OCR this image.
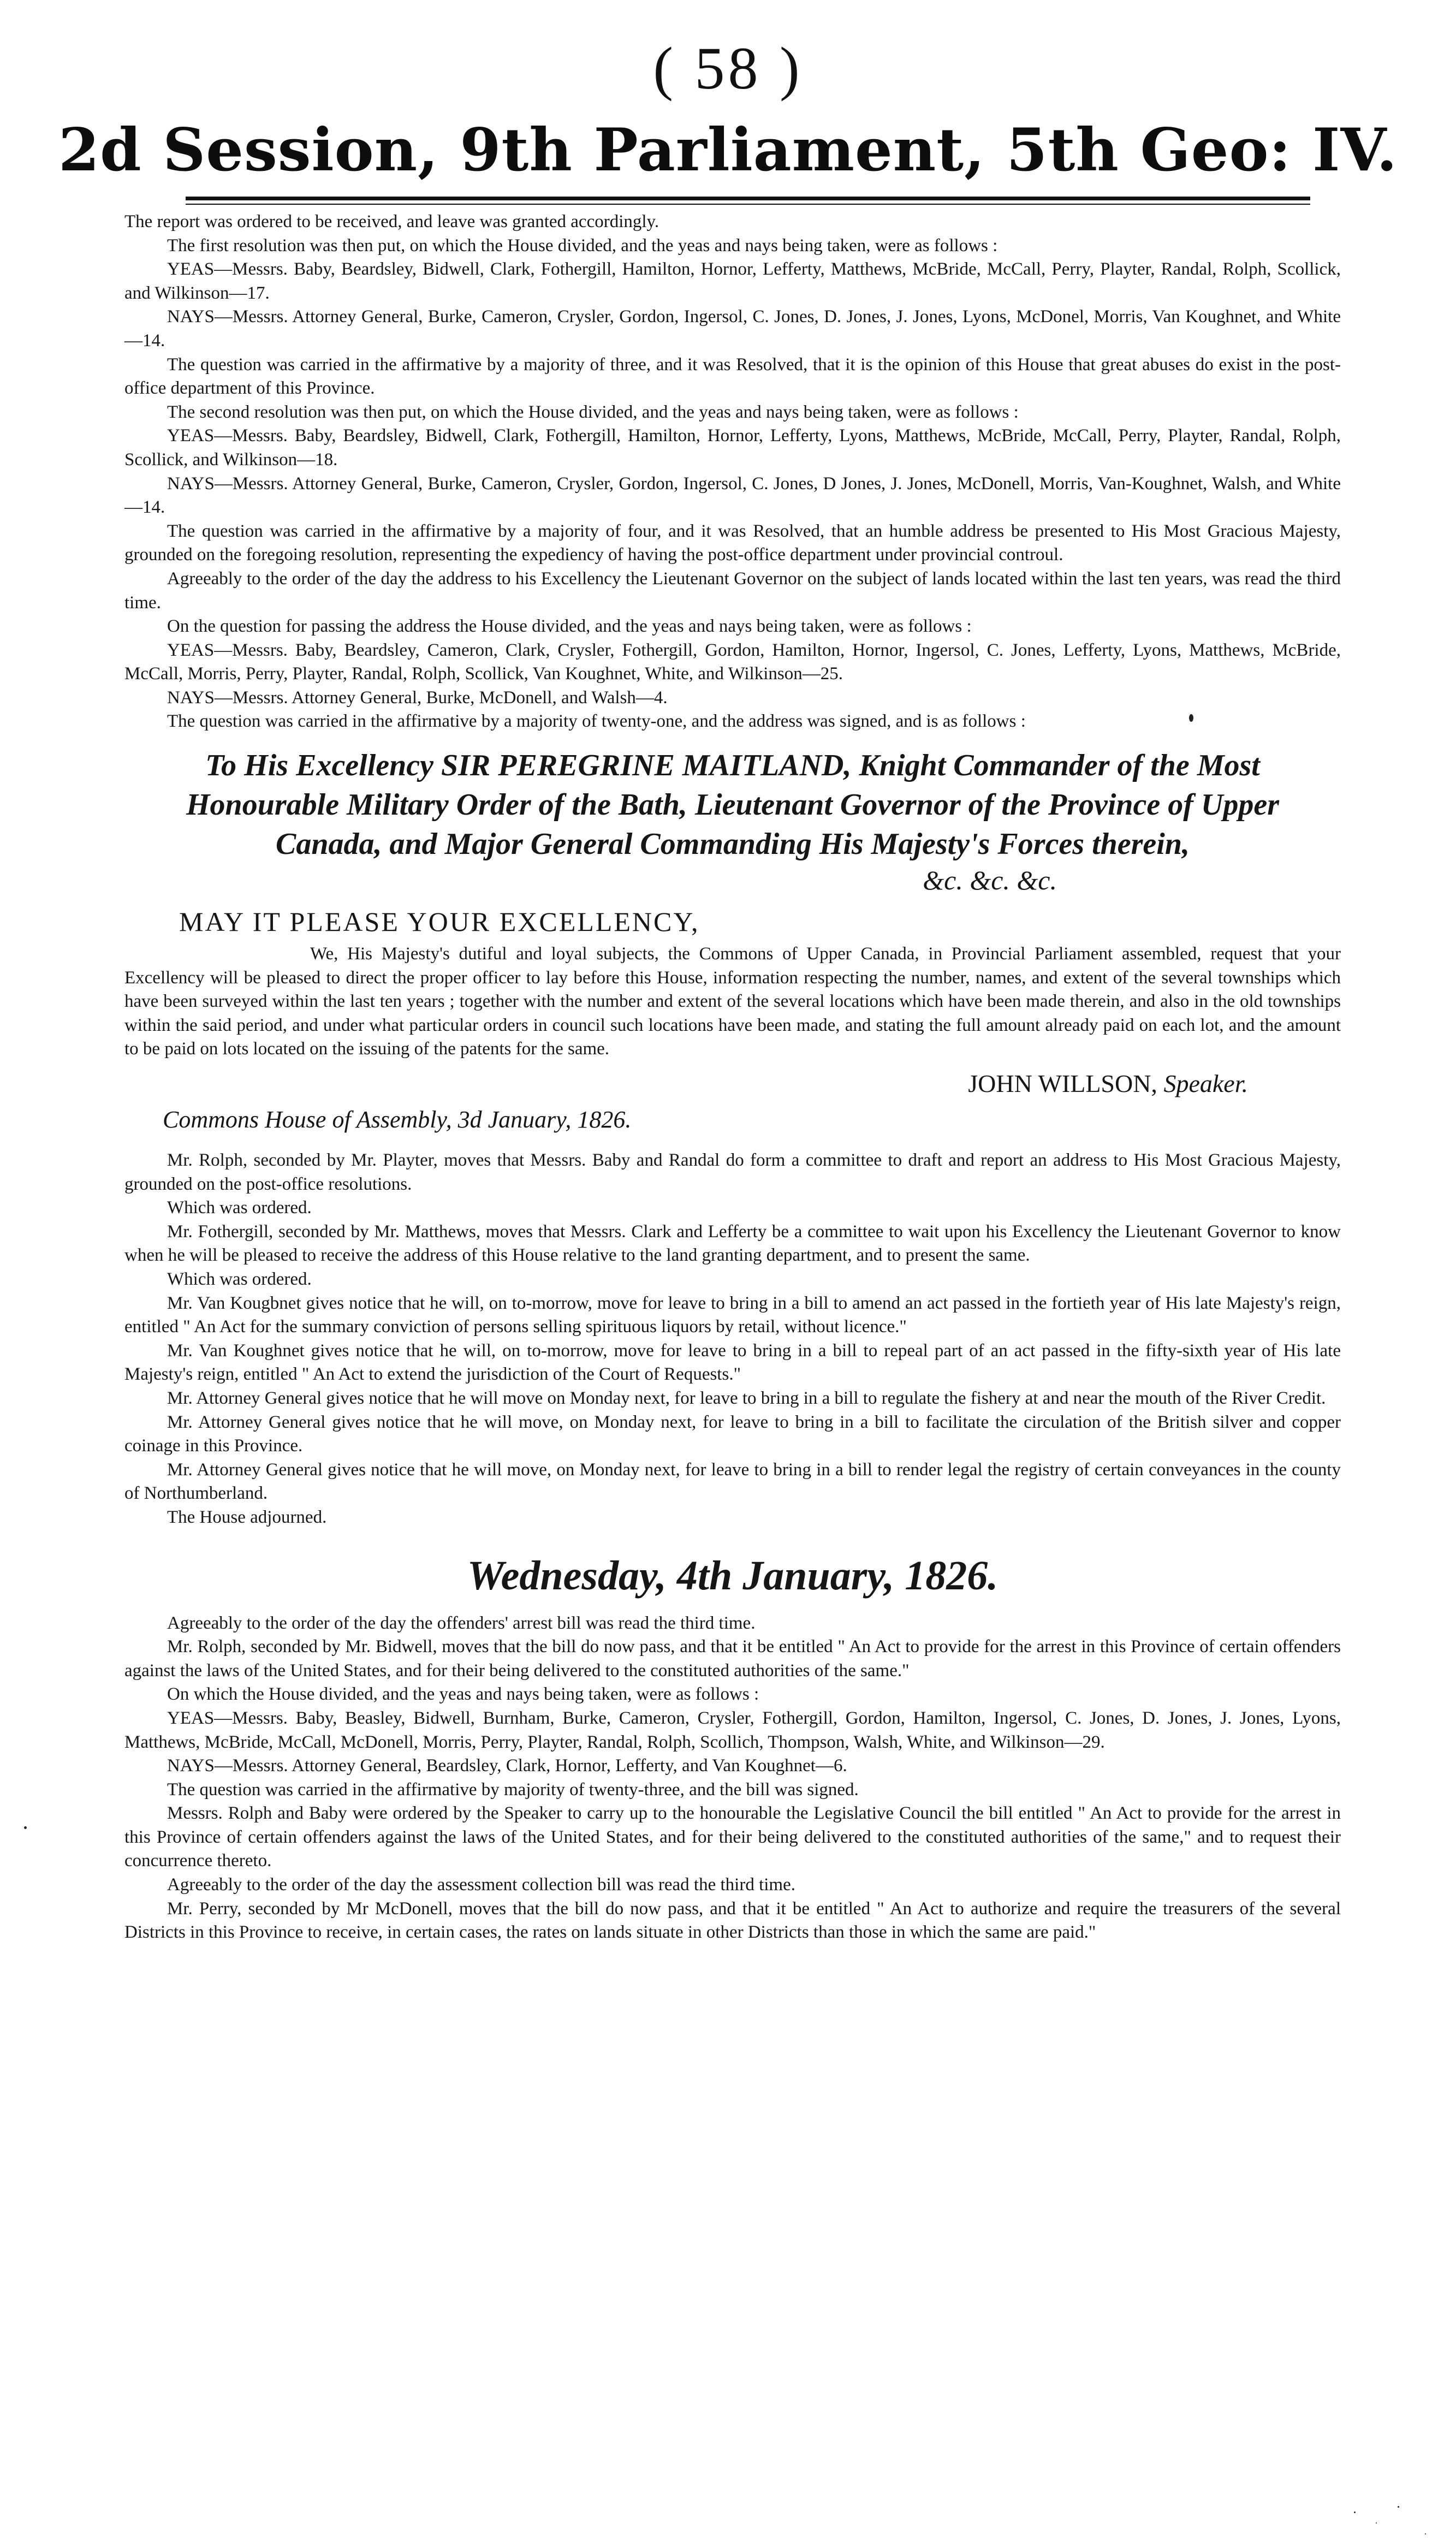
( 58 )
2d Session, 9th Parliament, 5th Geo: IV.

The report was ordered to be received, and leave was granted accordingly.

The first resolution was then put, on which the House divided, and the yeas and nays being taken, were as follows :

YEAS—Messrs. Baby, Beardsley, Bidwell, Clark, Fothergill, Hamilton, Hornor, Lefferty, Matthews, McBride, McCall, Perry, Playter, Randal, Rolph, Scollick, and Wilkinson—17.

NAYS—Messrs. Attorney General, Burke, Cameron, Crysler, Gordon, Ingersol, C. Jones, D. Jones, J. Jones, Lyons, McDonel, Morris, Van Koughnet, and White—14.

The question was carried in the affirmative by a majority of three, and it was Resolved, that it is the opinion of this House that great abuses do exist in the post-office department of this Province.

The second resolution was then put, on which the House divided, and the yeas and nays being taken, were as follows :

YEAS—Messrs. Baby, Beardsley, Bidwell, Clark, Fothergill, Hamilton, Hornor, Lefferty, Lyons, Matthews, McBride, McCall, Perry, Playter, Randal, Rolph, Scollick, and Wilkinson—18.

NAYS—Messrs. Attorney General, Burke, Cameron, Crysler, Gordon, Ingersol, C. Jones, D Jones, J. Jones, McDonell, Morris, Van-Koughnet, Walsh, and White—14.

The question was carried in the affirmative by a majority of four, and it was Resolved, that an humble address be presented to His Most Gracious Majesty, grounded on the foregoing resolution, representing the expediency of having the post-office department under provincial controul.

Agreeably to the order of the day the address to his Excellency the Lieutenant Governor on the subject of lands located within the last ten years, was read the third time.

On the question for passing the address the House divided, and the yeas and nays being taken, were as follows :

YEAS—Messrs. Baby, Beardsley, Cameron, Clark, Crysler, Fothergill, Gordon, Hamilton, Hornor, Ingersol, C. Jones, Lefferty, Lyons, Matthews, McBride, McCall, Morris, Perry, Playter, Randal, Rolph, Scollick, Van Koughnet, White, and Wilkinson—25.

NAYS—Messrs. Attorney General, Burke, McDonell, and Walsh—4.

The question was carried in the affirmative by a majority of twenty-one, and the address was signed, and is as follows :

To His Excellency SIR PEREGRINE MAITLAND, Knight Commander of the Most Honourable Military Order of the Bath, Lieutenant Governor of the Province of Upper Canada, and Major General Commanding His Majesty's Forces therein,
&c. &c. &c.
MAY IT PLEASE YOUR EXCELLENCY,

We, His Majesty's dutiful and loyal subjects, the Commons of Upper Canada, in Provincial Parliament assembled, request that your Excellency will be pleased to direct the proper officer to lay before this House, information respecting the number, names, and extent of the several townships which have been surveyed within the last ten years ; together with the number and extent of the several locations which have been made therein, and also in the old townships within the said period, and under what particular orders in council such locations have been made, and stating the full amount already paid on each lot, and the amount to be paid on lots located on the issuing of the patents for the same.

JOHN WILLSON, Speaker.
Commons House of Assembly, 3d January, 1826.

Mr. Rolph, seconded by Mr. Playter, moves that Messrs. Baby and Randal do form a committee to draft and report an address to His Most Gracious Majesty, grounded on the post-office resolutions.

Which was ordered.

Mr. Fothergill, seconded by Mr. Matthews, moves that Messrs. Clark and Lefferty be a committee to wait upon his Excellency the Lieutenant Governor to know when he will be pleased to receive the address of this House relative to the land granting department, and to present the same.

Which was ordered.

Mr. Van Kougbnet gives notice that he will, on to-morrow, move for leave to bring in a bill to amend an act passed in the fortieth year of His late Majesty's reign, entitled " An Act for the summary conviction of persons selling spirituous liquors by retail, without licence."

Mr. Van Koughnet gives notice that he will, on to-morrow, move for leave to bring in a bill to repeal part of an act passed in the fifty-sixth year of His late Majesty's reign, entitled " An Act to extend the jurisdiction of the Court of Requests."

Mr. Attorney General gives notice that he will move on Monday next, for leave to bring in a bill to regulate the fishery at and near the mouth of the River Credit.

Mr. Attorney General gives notice that he will move, on Monday next, for leave to bring in a bill to facilitate the circulation of the British silver and copper coinage in this Province.

Mr. Attorney General gives notice that he will move, on Monday next, for leave to bring in a bill to render legal the registry of certain conveyances in the county of Northumberland.

The House adjourned.

Wednesday, 4th January, 1826.

Agreeably to the order of the day the offenders' arrest bill was read the third time.

Mr. Rolph, seconded by Mr. Bidwell, moves that the bill do now pass, and that it be entitled " An Act to provide for the arrest in this Province of certain offenders against the laws of the United States, and for their being delivered to the constituted authorities of the same."

On which the House divided, and the yeas and nays being taken, were as follows :

YEAS—Messrs. Baby, Beasley, Bidwell, Burnham, Burke, Cameron, Crysler, Fothergill, Gordon, Hamilton, Ingersol, C. Jones, D. Jones, J. Jones, Lyons, Matthews, McBride, McCall, McDonell, Morris, Perry, Playter, Randal, Rolph, Scollich, Thompson, Walsh, White, and Wilkinson—29.

NAYS—Messrs. Attorney General, Beardsley, Clark, Hornor, Lefferty, and Van Koughnet—6.

The question was carried in the affirmative by majority of twenty-three, and the bill was signed.

Messrs. Rolph and Baby were ordered by the Speaker to carry up to the honourable the Legislative Council the bill entitled " An Act to provide for the arrest in this Province of certain offenders against the laws of the United States, and for their being delivered to the constituted authorities of the same," and to request their concurrence thereto.

Agreeably to the order of the day the assessment collection bill was read the third time.

Mr. Perry, seconded by Mr McDonell, moves that the bill do now pass, and that it be entitled " An Act to authorize and require the treasurers of the several Districts in this Province to receive, in certain cases, the rates on lands situate in other Districts than those in which the same are paid."
